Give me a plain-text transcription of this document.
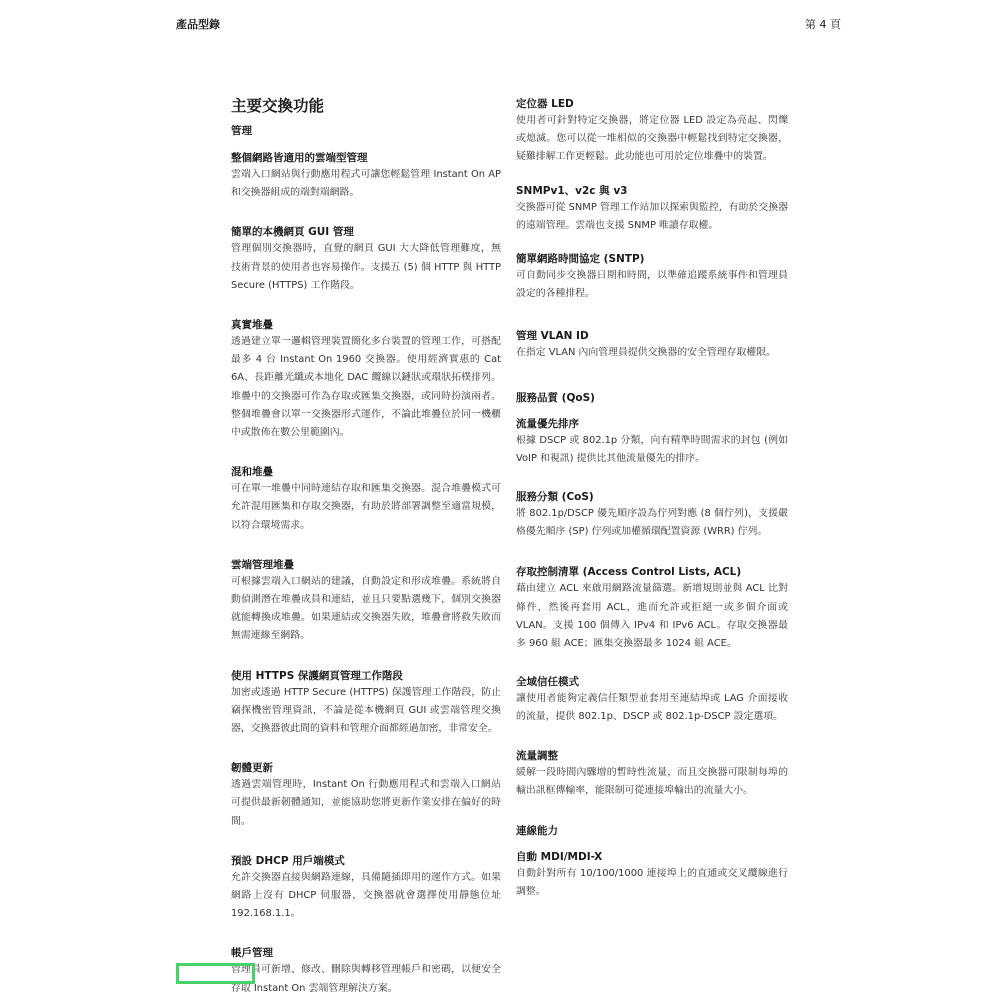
產品型錄	第 4 頁
主要交換功能

管理

整個網路皆適用的雲端型管理

雲端入口網站與行動應用程式可讓您輕鬆管理 Instant On AP 和交換器組成的端對端網路。

簡單的本機網頁 GUI 管理

管理個別交換器時，直覺的網頁 GUI 大大降低管理難度，無技術背景的使用者也容易操作。支援五 (5) 個 HTTP 與 HTTP Secure (HTTPS) 工作階段。

真實堆疊

透過建立單一邏輯管理裝置簡化多台裝置的管理工作，可搭配最多 4 台 Instant On 1960 交換器。使用經濟實惠的 Cat 6A、長距離光纖或本地化 DAC 纜線以鏈狀或環狀拓樸排列。堆疊中的交換器可作為存取或匯集交換器，或同時扮演兩者。整個堆疊會以單一交換器形式運作，不論此堆疊位於同一機櫃中或散佈在數公里範圍內。

混和堆疊

可在單一堆疊中同時連結存取和匯集交換器。混合堆疊模式可允許混用匯集和存取交換器，有助於將部署調整至適當規模，以符合環境需求。

雲端管理堆疊

可根據雲端入口網站的建議，自動設定和形成堆疊。系統將自動偵測潛在堆疊成員和連結，並且只要點選幾下，個別交換器就能轉換成堆疊。如果連結或交換器失敗，堆疊會將救失敗而無需連線至網路。

使用 HTTPS 保護網頁管理工作階段

加密或透過 HTTP Secure (HTTPS) 保護管理工作階段，防止竊探機密管理資訊，不論是從本機網頁 GUI 或雲端管理交換器，交換器彼此間的資料和管理介面都經過加密，非常安全。

韌體更新

透過雲端管理時，Instant On 行動應用程式和雲端入口網站可提供最新韌體通知，並能協助您將更新作業安排在偏好的時間。

預設 DHCP 用戶端模式

允許交換器直接與網路連線，具備隨插即用的運作方式。如果網路上沒有 DHCP 伺服器，交換器就會選擇使用靜態位址 192.168.1.1。

帳戶管理

管理員可新增、修改、刪除與轉移管理帳戶和密碼，以便安全存取 Instant On 雲端管理解決方案。

定位器 LED

使用者可針對特定交換器，將定位器 LED 設定為亮起、閃爍或熄滅。您可以從一堆相似的交換器中輕鬆找到特定交換器，疑難排解工作更輕鬆。此功能也可用於定位堆疊中的裝置。

SNMPv1、v2c 與 v3

交換器可從 SNMP 管理工作站加以探索與監控，有助於交換器的遠端管理。雲端也支援 SNMP 唯讀存取權。

簡單網路時間協定 (SNTP)

可自動同步交換器日期和時間，以準確追蹤系統事件和管理員設定的各種排程。

管理 VLAN ID

在指定 VLAN 內向管理員提供交換器的安全管理存取權限。

服務品質 (QoS)

流量優先排序

根據 DSCP 或 802.1p 分類，向有精準時間需求的封包 (例如 VoIP 和視訊) 提供比其他流量優先的排序。

服務分類 (CoS)

將 802.1p/DSCP 優先順序設為佇列對應 (8 個佇列)，支援嚴格優先順序 (SP) 佇列或加權循環配置資源 (WRR) 佇列。

存取控制清單 (Access Control Lists, ACL)

藉由建立 ACL 來啟用網路流量篩選。新增規則並與 ACL 比對條件，然後再套用 ACL，進而允許或拒絕一或多個介面或 VLAN。支援 100 個傳入 IPv4 和 IPv6 ACL。存取交換器最多 960 組 ACE；匯集交換器最多 1024 組 ACE。

全域信任模式

讓使用者能夠定義信任類型並套用至連結埠或 LAG 介面接收的流量，提供 802.1p、DSCP 或 802.1p-DSCP 設定選項。

流量調整

緩解一段時間內驟增的暫時性流量，而且交換器可限制每埠的輸出訊框傳輸率，能限制可從連接埠輸出的流量大小。

連線能力

自動 MDI/MDI-X

自動針對所有 10/100/1000 連接埠上的直通或交叉纜線進行調整。
